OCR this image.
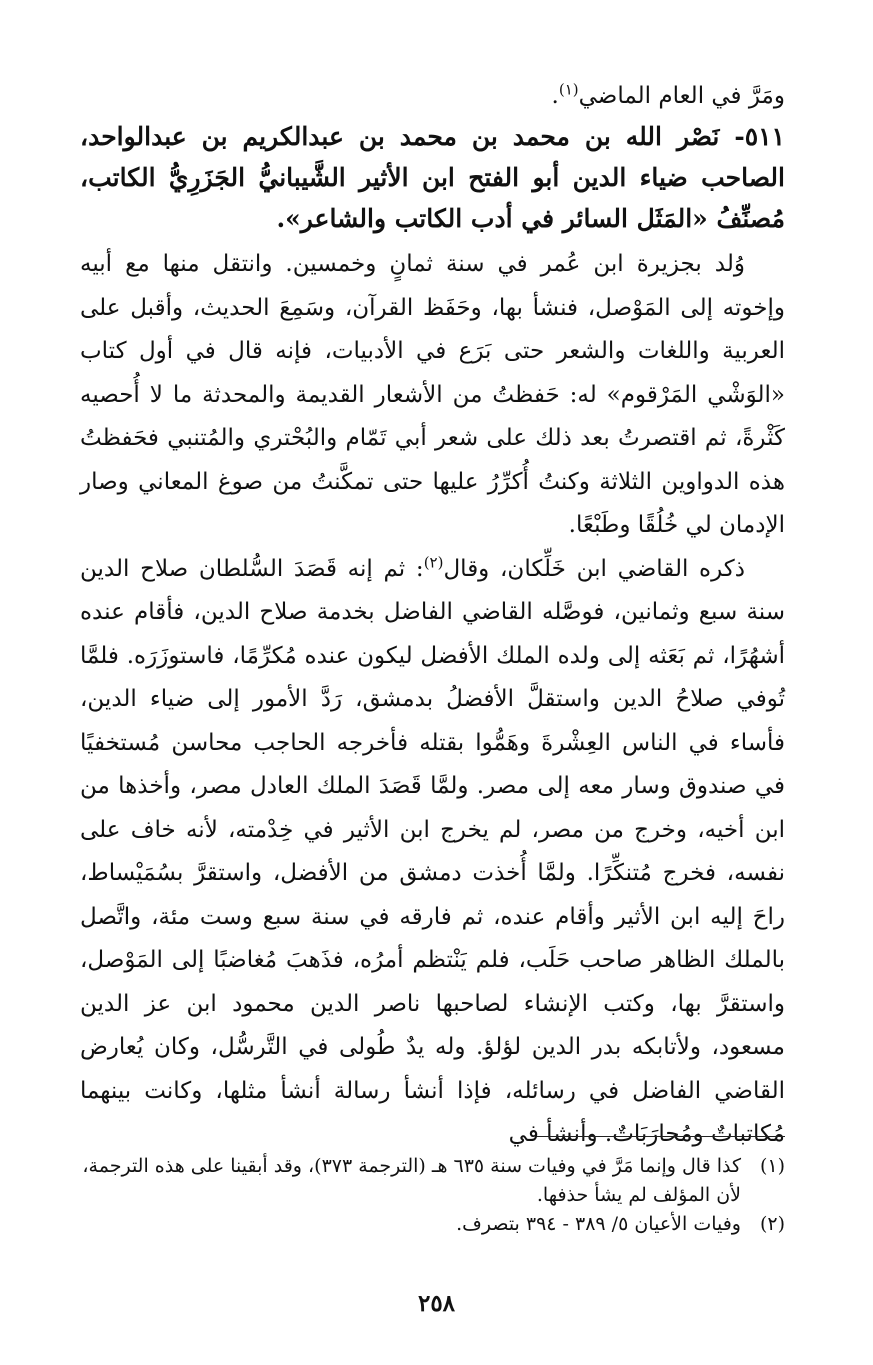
ومَرَّ في العام الماضي$^{(١)}$.

٥١١- نَصْر الله بن محمد بن محمد بن عبدالكريم بن عبدالواحد، الصاحب ضياء الدين أبو الفتح ابن الأثير الشَّيبانيُّ الجَزَرِيُّ الكاتب، مُصنِّفُ «المَثَل السائر في أدب الكاتب والشاعر».

وُلد بجزيرة ابن عُمر في سنة ثمانٍ وخمسين. وانتقل منها مع أبيه وإخوته إلى المَوْصل، فنشأ بها، وحَفَظ القرآن، وسَمِعَ الحديث، وأقبل على العربية واللغات والشعر حتى بَرَع في الأدبيات، فإنه قال في أول كتاب «الوَشْي المَرْقوم» له: حَفظتُ من الأشعار القديمة والمحدثة ما لا أُحصيه كَثْرةً، ثم اقتصرتُ بعد ذلك على شعر أبي تَمّام والبُحْتري والمُتنبي فحَفظتُ هذه الدواوين الثلاثة وكنتُ أُكرِّرُ عليها حتى تمكَّنتُ من صوغ المعاني وصار الإدمان لي خُلُقًا وطَبْعًا.

ذكره القاضي ابن خَلِّكان، وقال$^{(٢)}$: ثم إنه قَصَدَ السُّلطان صلاح الدين سنة سبع وثمانين، فوصَّله القاضي الفاضل بخدمة صلاح الدين، فأقام عنده أشهُرًا، ثم بَعَثه إلى ولده الملك الأفضل ليكون عنده مُكرِّمًا، فاستوزَرَه. فلمَّا تُوفي صلاحُ الدين واستقلَّ الأفضلُ بدمشق، رَدَّ الأمور إلى ضياء الدين، فأساء في الناس العِشْرةَ وهَمُّوا بقتله فأخرجه الحاجب محاسن مُستخفيًا في صندوق وسار معه إلى مصر. ولمَّا قَصَدَ الملك العادل مصر، وأخذها من ابن أخيه، وخرج من مصر، لم يخرج ابن الأثير في خِدْمته، لأنه خاف على نفسه، فخرج مُتنكِّرًا. ولمَّا أُخذت دمشق من الأفضل، واستقرَّ بسُمَيْساط، راحَ إليه ابن الأثير وأقام عنده، ثم فارقه في سنة سبع وست مئة، واتَّصل بالملك الظاهر صاحب حَلَب، فلم يَنْتظم أمرُه، فذَهبَ مُغاضبًا إلى المَوْصل، واستقرَّ بها، وكتب الإنشاء لصاحبها ناصر الدين محمود ابن عز الدين مسعود، ولأتابكه بدر الدين لؤلؤ. وله يدٌ طُولى في التَّرسُّل، وكان يُعارض القاضي الفاضل في رسائله، فإذا أنشأ رسالة أنشأ مثلها، وكانت بينهما مُكاتباتٌ ومُحارَبَاتٌ. وأنشأ في

(١)
كذا قال وإنما مَرَّ في وفيات سنة ٦٣٥ هـ (الترجمة ٣٧٣)، وقد أبقينا على هذه الترجمة، لأن المؤلف لم يشأ حذفها.
(٢)
وفيات الأعيان ٥/ ٣٨٩ - ٣٩٤ بتصرف.
٢٥٨
